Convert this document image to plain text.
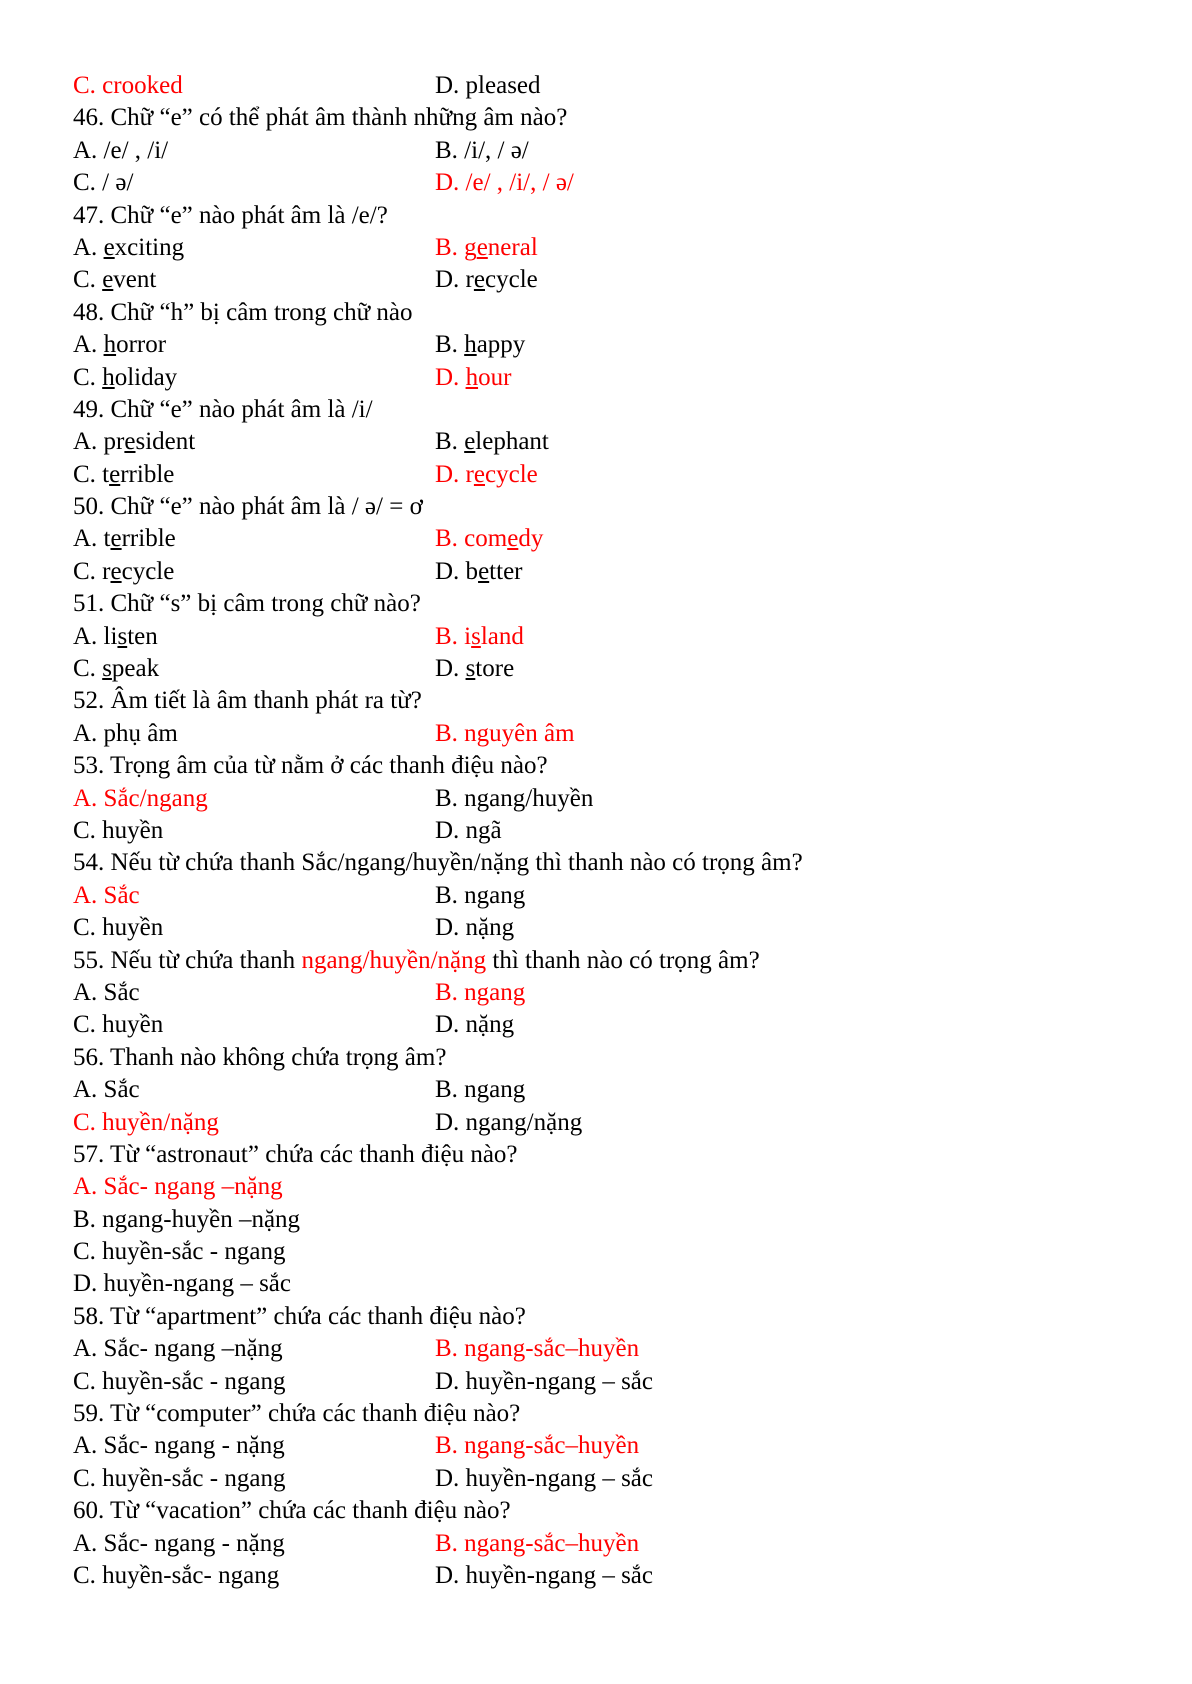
C. crooked	D. pleased
46. Chữ “e” có thể phát âm thành những âm nào?
A. /e/ , /i/	B. /i/, / ə/
C. / ə/	D. /e/ , /i/, / ə/
47. Chữ “e” nào phát âm là /e/?
A. exciting	B. general
C. event	D. recycle
48. Chữ “h” bị câm trong chữ nào
A. horror	B. happy
C. holiday	D. hour
49. Chữ “e” nào phát âm là /i/
A. president	B. elephant
C. terrible	D. recycle
50. Chữ “e” nào phát âm là / ə/ = ơ
A. terrible	B. comedy
C. recycle	D. better
51. Chữ “s” bị câm trong chữ nào?
A. listen	B. island
C. speak	D. store
52. Âm tiết là âm thanh phát ra từ?
A. phụ âm	B. nguyên âm
53. Trọng âm của từ nằm ở các thanh điệu nào?
A. Sắc/ngang	B. ngang/huyền
C. huyền	D. ngã
54. Nếu từ chứa thanh Sắc/ngang/huyền/nặng thì thanh nào có trọng âm?
A. Sắc	B. ngang
C. huyền	D. nặng
55. Nếu từ chứa thanh ngang/huyền/nặng thì thanh nào có trọng âm?
A. Sắc	B. ngang
C. huyền	D. nặng
56. Thanh nào không chứa trọng âm?
A. Sắc	B. ngang
C. huyền/nặng	D. ngang/nặng
57. Từ “astronaut” chứa các thanh điệu nào?
A. Sắc- ngang –nặng
B. ngang-huyền –nặng
C. huyền-sắc - ngang
D. huyền-ngang – sắc
58. Từ “apartment” chứa các thanh điệu nào?
A. Sắc- ngang –nặng	B. ngang-sắc–huyền
C. huyền-sắc - ngang	D. huyền-ngang – sắc
59. Từ “computer” chứa các thanh điệu nào?
A. Sắc- ngang - nặng	B. ngang-sắc–huyền
C. huyền-sắc - ngang	D. huyền-ngang – sắc
60. Từ “vacation” chứa các thanh điệu nào?
A. Sắc- ngang - nặng	B. ngang-sắc–huyền
C. huyền-sắc- ngang	D. huyền-ngang – sắc
